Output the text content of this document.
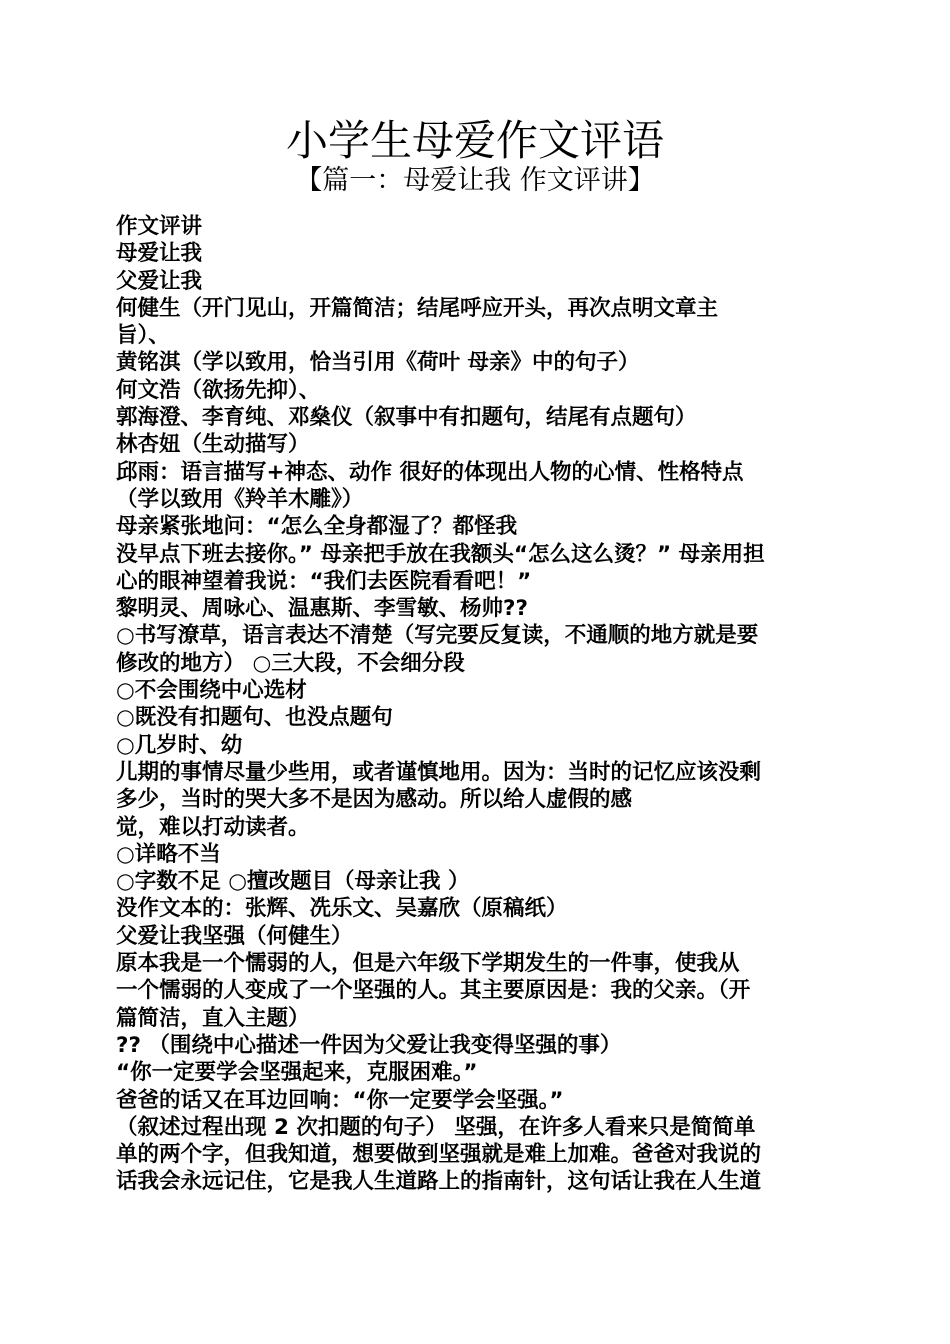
小学生母爱作文评语
【篇一：母爱让我 作文评讲】
作文评讲
母爱让我
父爱让我
何健生（开门见山，开篇简洁；结尾呼应开头，再次点明文章主
旨）、
黄铭淇（学以致用，恰当引用《荷叶 母亲》中的句子）
何文浩（欲扬先抑）、
郭海澄、李育纯、邓燊仪（叙事中有扣题句，结尾有点题句）
林杏妞（生动描写）
邱雨：语言描写+神态、动作 很好的体现出人物的心情、性格特点
（学以致用《羚羊木雕》）
母亲紧张地问：“怎么全身都湿了？都怪我
没早点下班去接你。” 母亲把手放在我额头“怎么这么烫？” 母亲用担
心的眼神望着我说：“我们去医院看看吧！”
黎明灵、周咏心、温惠斯、李雪敏、杨帅??
○书写潦草，语言表达不清楚（写完要反复读，不通顺的地方就是要
修改的地方） ○三大段，不会细分段
○不会围绕中心选材
○既没有扣题句、也没点题句
○几岁时、幼
儿期的事情尽量少些用，或者谨慎地用。因为：当时的记忆应该没剩
多少，当时的哭大多不是因为感动。所以给人虚假的感
觉，难以打动读者。
○详略不当
○字数不足 ○擅改题目（母亲让我 ）
没作文本的：张辉、冼乐文、吴嘉欣（原稿纸）
父爱让我坚强（何健生）
原本我是一个懦弱的人，但是六年级下学期发生的一件事，使我从
一个懦弱的人变成了一个坚强的人。其主要原因是：我的父亲。（开
篇简洁，直入主题）
?? （围绕中心描述一件因为父爱让我变得坚强的事）
“你一定要学会坚强起来，克服困难。”
爸爸的话又在耳边回响：“你一定要学会坚强。”
（叙述过程出现 2 次扣题的句子） 坚强，在许多人看来只是简简单
单的两个字，但我知道，想要做到坚强就是难上加难。爸爸对我说的
话我会永远记住，它是我人生道路上的指南针，这句话让我在人生道
